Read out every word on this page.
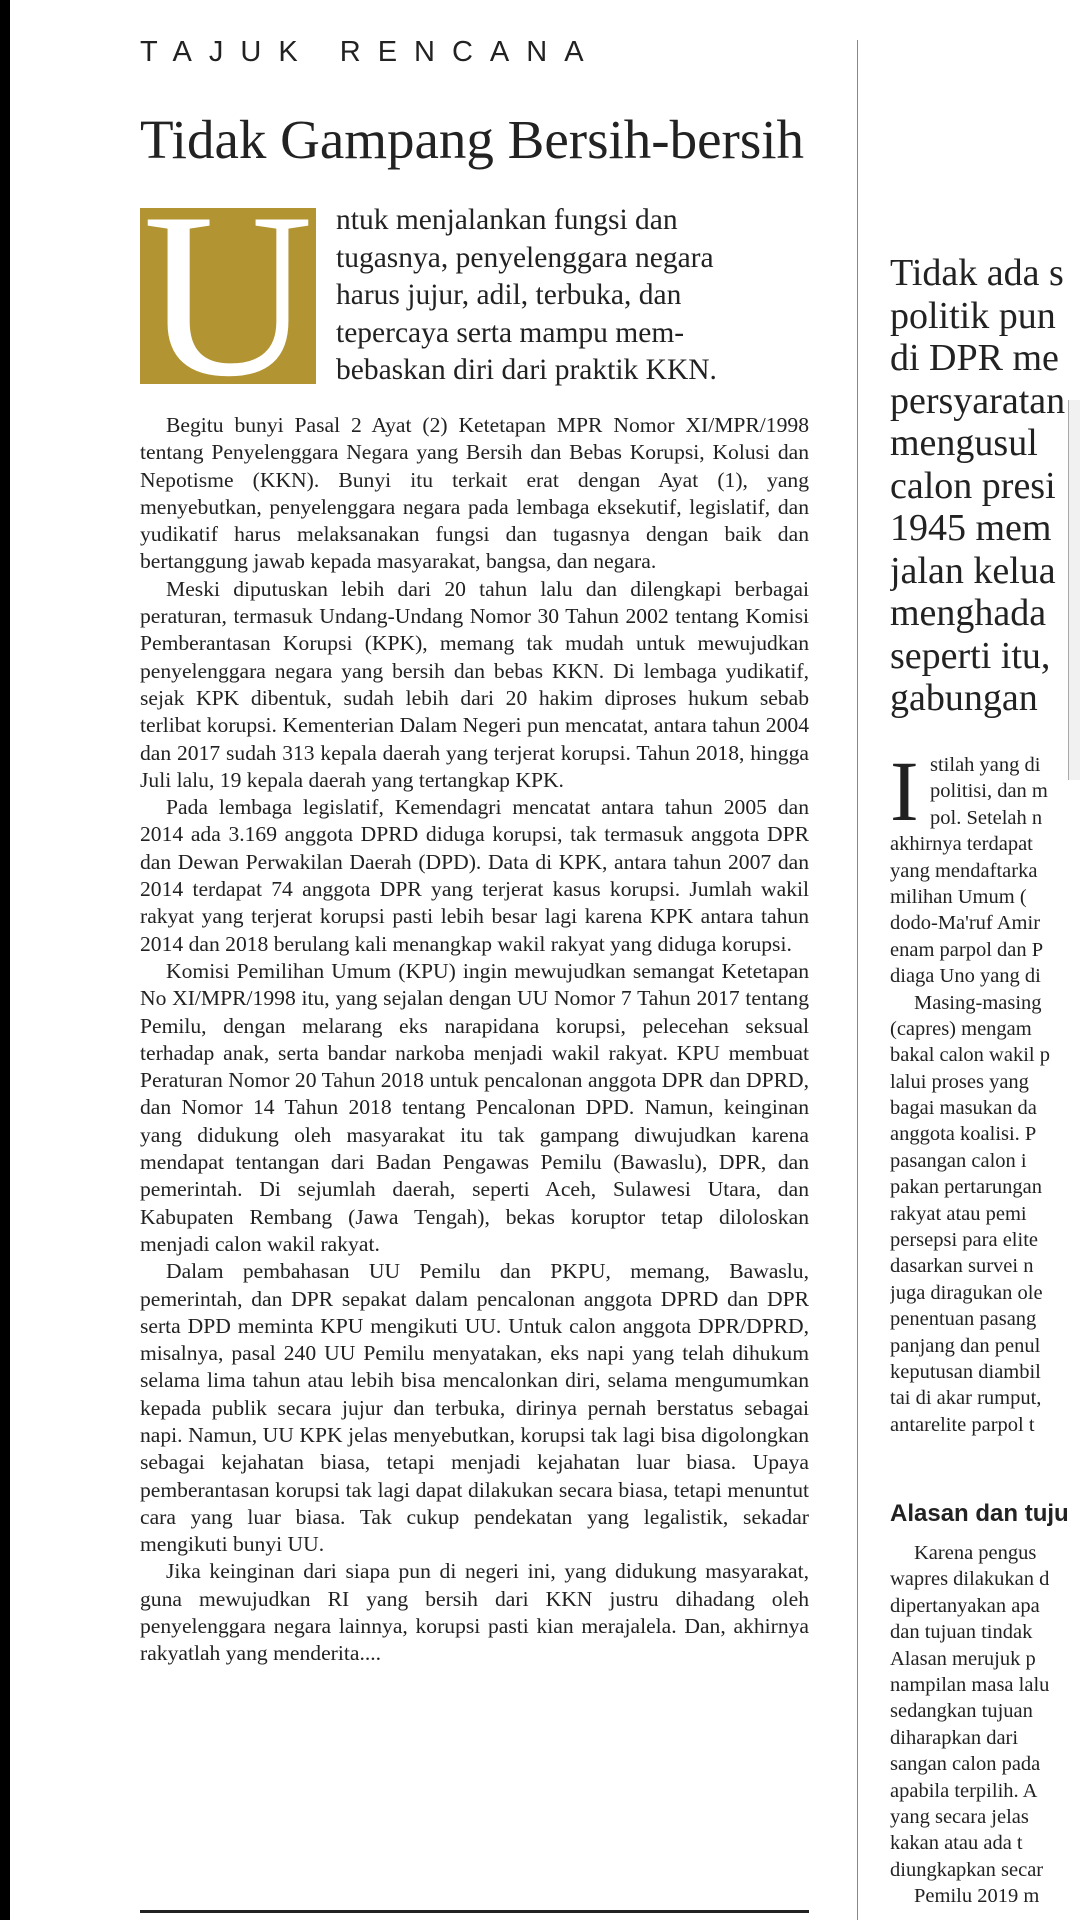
TAJUK RENCANA
Tidak Gampang Bersih-bersih
U ntuk menjalankan fungsi dan
tugasnya, penyelenggara negara
harus jujur, adil, terbuka, dan
tepercaya serta mampu mem-
bebaskan diri dari praktik KKN.

Begitu bunyi Pasal 2 Ayat (2) Ketetapan MPR Nomor XI/MPR/1998 tentang Penyelenggara Negara yang Bersih dan Bebas Korupsi, Kolusi dan Nepotisme (KKN). Bunyi itu terkait erat dengan Ayat (1), yang menyebutkan, penyelenggara negara pada lembaga eksekutif, legislatif, dan yudikatif harus melaksanakan fungsi dan tugasnya dengan baik dan bertanggung jawab kepada masyarakat, bangsa, dan negara.

Meski diputuskan lebih dari 20 tahun lalu dan dilengkapi berbagai peraturan, termasuk Undang-Undang Nomor 30 Tahun 2002 tentang Komisi Pemberantasan Korupsi (KPK), memang tak mudah untuk mewujudkan penyelenggara negara yang bersih dan bebas KKN. Di lembaga yudikatif, sejak KPK dibentuk, sudah lebih dari 20 hakim diproses hukum sebab terlibat korupsi. Kementerian Dalam Negeri pun mencatat, antara tahun 2004 dan 2017 sudah 313 kepala daerah yang terjerat korupsi. Tahun 2018, hingga Juli lalu, 19 kepala daerah yang tertangkap KPK.

Pada lembaga legislatif, Kemendagri mencatat antara tahun 2005 dan 2014 ada 3.169 anggota DPRD diduga korupsi, tak termasuk anggota DPR dan Dewan Perwakilan Daerah (DPD). Data di KPK, antara tahun 2007 dan 2014 terdapat 74 anggota DPR yang terjerat kasus korupsi. Jumlah wakil rakyat yang terjerat korupsi pasti lebih besar lagi karena KPK antara tahun 2014 dan 2018 berulang kali menangkap wakil rakyat yang diduga korupsi.

Komisi Pemilihan Umum (KPU) ingin mewujudkan semangat Ketetapan No XI/MPR/1998 itu, yang sejalan dengan UU Nomor 7 Tahun 2017 tentang Pemilu, dengan melarang eks narapidana korupsi, pelecehan seksual terhadap anak, serta bandar narkoba menjadi wakil rakyat. KPU membuat Peraturan Nomor 20 Tahun 2018 untuk pencalonan anggota DPR dan DPRD, dan Nomor 14 Tahun 2018 tentang Pencalonan DPD. Namun, keinginan yang didukung oleh masyarakat itu tak gampang diwujudkan karena mendapat tentangan dari Badan Pengawas Pemilu (Bawaslu), DPR, dan pemerintah. Di sejumlah daerah, seperti Aceh, Sulawesi Utara, dan Kabupaten Rembang (Jawa Tengah), bekas koruptor tetap diloloskan menjadi calon wakil rakyat.

Dalam pembahasan UU Pemilu dan PKPU, memang, Bawaslu, pemerintah, dan DPR sepakat dalam pencalonan anggota DPRD dan DPR serta DPD meminta KPU mengikuti UU. Untuk calon anggota DPR/DPRD, misalnya, pasal 240 UU Pemilu menyatakan, eks napi yang telah dihukum selama lima tahun atau lebih bisa mencalonkan diri, selama mengumumkan kepada publik secara jujur dan terbuka, dirinya pernah berstatus sebagai napi. Namun, UU KPK jelas menyebutkan, korupsi tak lagi bisa digolongkan sebagai kejahatan biasa, tetapi menjadi kejahatan luar biasa. Upaya pemberantasan korupsi tak lagi dapat dilakukan secara biasa, tetapi menuntut cara yang luar biasa. Tak cukup pendekatan yang legalistik, sekadar mengikuti bunyi UU.

Jika keinginan dari siapa pun di negeri ini, yang didukung masyarakat, guna mewujudkan RI yang bersih dari KKN justru dihadang oleh penyelenggara negara lainnya, korupsi pasti kian merajalela. Dan, akhirnya rakyatlah yang menderita....

Tidak ada s
politik pun
di DPR me
persyaratan
mengusul
calon presi
1945 mem
jalan kelua
menghada
seperti itu,
gabungan
I stilah yang di
politisi, dan m
pol. Setelah n
akhirnya terdapat
yang mendaftarka
milihan Umum (
dodo-Ma'ruf Amir
enam parpol dan P
diaga Uno yang di
Masing-masing
(capres) mengam
bakal calon wakil p
lalui proses yang
bagai masukan da
anggota koalisi. P
pasangan calon i
pakan pertarungan
rakyat atau pemi
persepsi para elite
dasarkan survei n
juga diragukan ole
penentuan pasang
panjang dan penul
keputusan diambil
tai di akar rumput,
antarelite parpol t
Alasan dan tuju
Karena pengus
wapres dilakukan d
dipertanyakan apa
dan tujuan tindak
Alasan merujuk p
nampilan masa lalu
sedangkan tujuan
diharapkan dari
sangan calon pada
apabila terpilih. A
yang secara jelas
kakan atau ada t
diungkapkan secar
Pemilu 2019 m
